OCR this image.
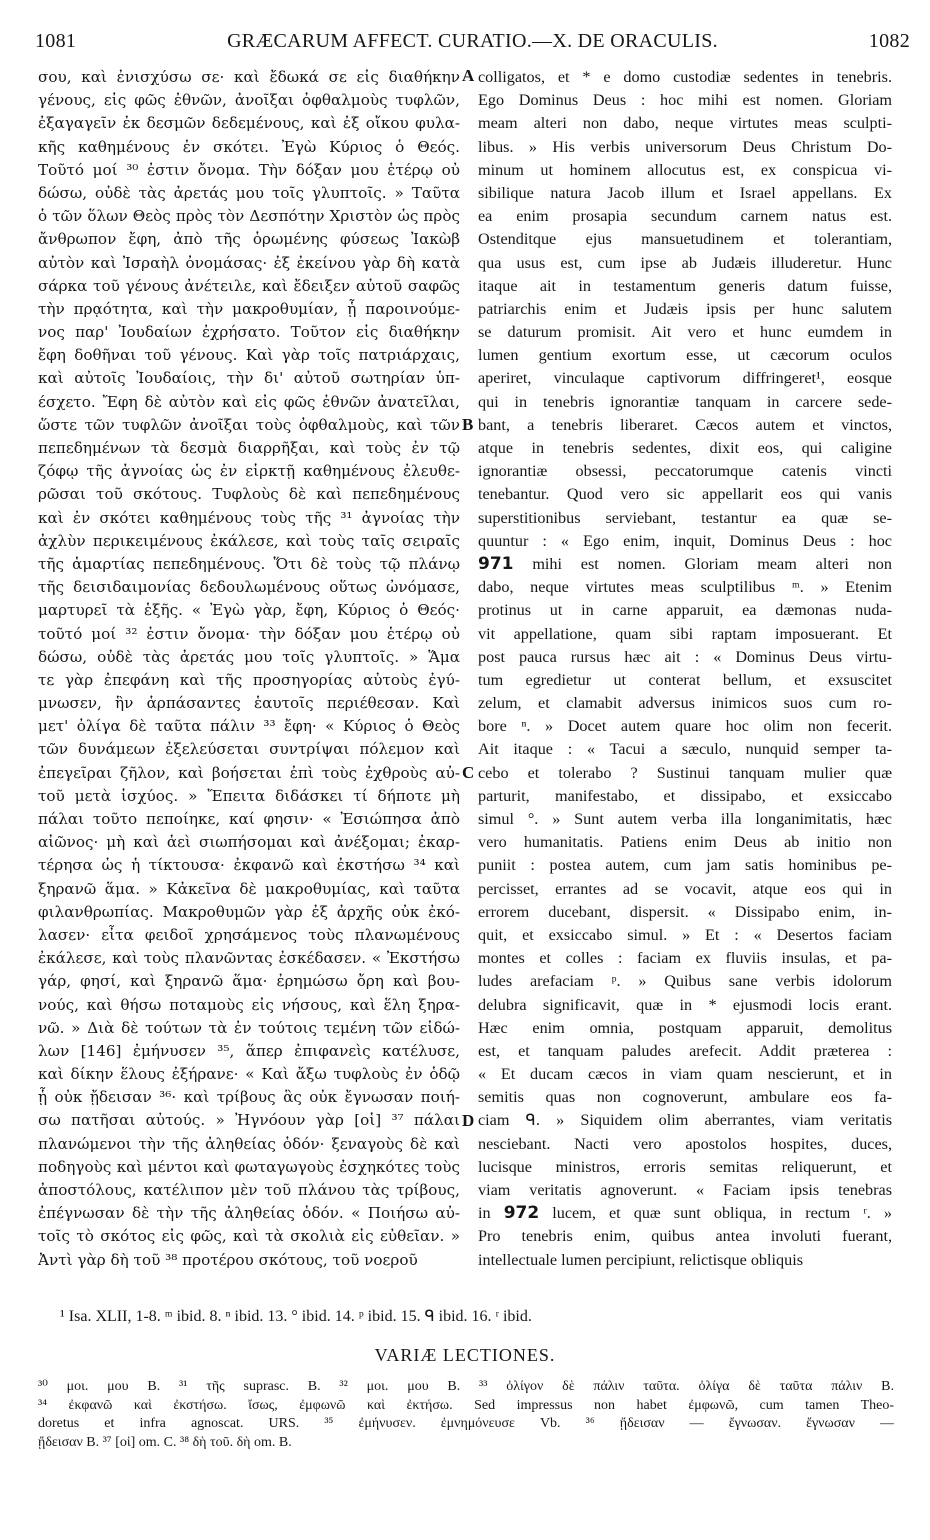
GRÆCARUM AFFECT. CURATIO.—X. DE ORACULIS.
1081	1082
σου, καὶ ἐνισχύσω σε· καὶ ἔδωκά σε εἰς διαθήκην
γένους, εἰς φῶς ἐθνῶν, ἀνοῖξαι ὀφθαλμοὺς τυφλῶν,
ἐξαγαγεῖν ἐκ δεσμῶν δεδεμένους, καὶ ἐξ οἴκου φυλα-
κῆς καθημένους ἐν σκότει. Ἐγὼ Κύριος ὁ Θεός.
Τοῦτό μοί ³⁰ ἐστιν ὄνομα. Τὴν δόξαν μου ἑτέρῳ οὐ
δώσω, οὐδὲ τὰς ἀρετάς μου τοῖς γλυπτοῖς. » Ταῦτα
ὁ τῶν ὅλων Θεὸς πρὸς τὸν Δεσπότην Χριστὸν ὡς πρὸς
ἄνθρωπον ἔφη, ἀπὸ τῆς ὁρωμένης φύσεως Ἰακὼβ
αὐτὸν καὶ Ἰσραὴλ ὀνομάσας· ἐξ ἐκείνου γὰρ δὴ κατὰ
σάρκα τοῦ γένους ἀνέτειλε, καὶ ἔδειξεν αὐτοῦ σαφῶς
τὴν πρᾳότητα, καὶ τὴν μακροθυμίαν, ᾗ παροινούμε-
νος παρ' Ἰουδαίων ἐχρήσατο. Τοῦτον εἰς διαθήκην
ἔφη δοθῆναι τοῦ γένους. Καὶ γὰρ τοῖς πατριάρχαις,
καὶ αὐτοῖς Ἰουδαίοις, τὴν δι' αὐτοῦ σωτηρίαν ὑπ-
έσχετο. Ἔφη δὲ αὐτὸν καὶ εἰς φῶς ἐθνῶν ἀνατεῖλαι,
ὥστε τῶν τυφλῶν ἀνοῖξαι τοὺς ὀφθαλμοὺς, καὶ τῶν
πεπεδημένων τὰ δεσμὰ διαρρῆξαι, καὶ τοὺς ἐν τῷ
ζόφῳ τῆς ἀγνοίας ὡς ἐν εἱρκτῇ καθημένους ἐλευθε-
ρῶσαι τοῦ σκότους. Τυφλοὺς δὲ καὶ πεπεδημένους
καὶ ἐν σκότει καθημένους τοὺς τῆς ³¹ ἀγνοίας τὴν
ἀχλὺν περικειμένους ἐκάλεσε, καὶ τοὺς ταῖς σειραῖς
τῆς ἁμαρτίας πεπεδημένους. Ὅτι δὲ τοὺς τῷ πλάνῳ
τῆς δεισιδαιμονίας δεδουλωμένους οὕτως ὠνόμασε,
μαρτυρεῖ τὰ ἑξῆς. « Ἐγὼ γὰρ, ἔφη, Κύριος ὁ Θεός·
τοῦτό μοί ³² ἐστιν ὄνομα· τὴν δόξαν μου ἑτέρῳ οὐ
δώσω, οὐδὲ τὰς ἀρετάς μου τοῖς γλυπτοῖς. » Ἅμα
τε γὰρ ἐπεφάνη καὶ τῆς προσηγορίας αὐτοὺς ἐγύ-
μνωσεν, ἣν ἁρπάσαντες ἑαυτοῖς περιέθεσαν. Καὶ
μετ' ὀλίγα δὲ ταῦτα πάλιν ³³ ἔφη· « Κύριος ὁ Θεὸς
τῶν δυνάμεων ἐξελεύσεται συντρίψαι πόλεμον καὶ
ἐπεγεῖραι ζῆλον, καὶ βοήσεται ἐπὶ τοὺς ἐχθροὺς αὐ-
τοῦ μετὰ ἰσχύος. » Ἔπειτα διδάσκει τί δήποτε μὴ
πάλαι τοῦτο πεποίηκε, καί φησιν· « Ἐσιώπησα ἀπὸ
αἰῶνος· μὴ καὶ ἀεὶ σιωπήσομαι καὶ ἀνέξομαι; ἐκαρ-
τέρησα ὡς ἡ τίκτουσα· ἐκφανῶ καὶ ἐκστήσω ³⁴ καὶ
ξηρανῶ ἅμα. » Κἀκεῖνα δὲ μακροθυμίας, καὶ ταῦτα
φιλανθρωπίας. Μακροθυμῶν γὰρ ἐξ ἀρχῆς οὐκ ἐκό-
λασεν· εἶτα φειδοῖ χρησάμενος τοὺς πλανωμένους
ἐκάλεσε, καὶ τοὺς πλανῶντας ἐσκέδασεν. « Ἐκστήσω
γάρ, φησί, καὶ ξηρανῶ ἅμα· ἐρημώσω ὄρη καὶ βου-
νούς, καὶ θήσω ποταμοὺς εἰς νήσους, καὶ ἕλη ξηρα-
νῶ. » Διὰ δὲ τούτων τὰ ἐν τούτοις τεμένη τῶν εἰδώ-
λων [146] ἐμήνυσεν ³⁵, ἅπερ ἐπιφανεὶς κατέλυσε,
καὶ δίκην ἕλους ἐξήρανε· « Καὶ ἄξω τυφλοὺς ἐν ὁδῷ
ᾗ οὐκ ᾔδεισαν ³⁶· καὶ τρίβους ἃς οὐκ ἔγνωσαν ποιή-
σω πατῆσαι αὐτούς. » Ἠγνόουν γὰρ [οἱ] ³⁷ πάλαι
πλανώμενοι τὴν τῆς ἀληθείας ὁδόν· ξεναγοὺς δὲ καὶ
ποδηγοὺς καὶ μέντοι καὶ φωταγωγοὺς ἐσχηκότες τοὺς
ἀποστόλους, κατέλιπον μὲν τοῦ πλάνου τὰς τρίβους,
ἐπέγνωσαν δὲ τὴν τῆς ἀληθείας ὁδόν. « Ποιήσω αὐ-
τοῖς τὸ σκότος εἰς φῶς, καὶ τὰ σκολιὰ εἰς εὐθεῖαν. »
Ἀντὶ γὰρ δὴ τοῦ ³⁸ προτέρου σκότους, τοῦ νοεροῦ
colligatos, et * e domo custodiæ sedentes in tenebris.
Ego Dominus Deus : hoc mihi est nomen. Gloriam
meam alteri non dabo, neque virtutes meas sculpti-
libus. » His verbis universorum Deus Christum Do-
minum ut hominem allocutus est, ex conspicua vi-
sibilique natura Jacob illum et Israel appellans. Ex
ea enim prosapia secundum carnem natus est.
Ostenditque ejus mansuetudinem et tolerantiam,
qua usus est, cum ipse ab Judæis illuderetur. Hunc
itaque ait in testamentum generis datum fuisse,
patriarchis enim et Judæis ipsis per hunc salutem
se daturum promisit. Ait vero et hunc eumdem in
lumen gentium exortum esse, ut cæcorum oculos
aperiret, vinculaque captivorum diffringeret¹, eosque
qui in tenebris ignorantiæ tanquam in carcere sede-
bant, a tenebris liberaret. Cæcos autem et vinctos,
atque in tenebris sedentes, dixit eos, qui caligine
ignorantiæ obsessi, peccatorumque catenis vincti
tenebantur. Quod vero sic appellarit eos qui vanis
superstitionibus serviebant, testantur ea quæ se-
quuntur : « Ego enim, inquit, Dominus Deus : hoc
971 mihi est nomen. Gloriam meam alteri non
dabo, neque virtutes meas sculptilibus ᵐ. » Etenim
protinus ut in carne apparuit, ea dæmonas nuda-
vit appellatione, quam sibi raptam imposuerant. Et
post pauca rursus hæc ait : « Dominus Deus virtu-
tum egredietur ut conterat bellum, et exsuscitet
zelum, et clamabit adversus inimicos suos cum ro-
bore ⁿ. » Docet autem quare hoc olim non fecerit.
Ait itaque : « Tacui a sæculo, nunquid semper ta-
cebo et tolerabo ? Sustinui tanquam mulier quæ
parturit, manifestabo, et dissipabo, et exsiccabo
simul °. » Sunt autem verba illa longanimitatis, hæc
vero humanitatis. Patiens enim Deus ab initio non
puniit : postea autem, cum jam satis hominibus pe-
percisset, errantes ad se vocavit, atque eos qui in
errorem ducebant, dispersit. « Dissipabo enim, in-
quit, et exsiccabo simul. » Et : « Desertos faciam
montes et colles : faciam ex fluviis insulas, et pa-
ludes arefaciam ᵖ. » Quibus sane verbis idolorum
delubra significavit, quæ in * ejusmodi locis erant.
Hæc enim omnia, postquam apparuit, demolitus
est, et tanquam paludes arefecit. Addit præterea :
« Et ducam cæcos in viam quam nescierunt, et in
semitis quas non cognoverunt, ambulare eos fa-
ciam ᑫ. » Siquidem olim aberrantes, viam veritatis
nesciebant. Nacti vero apostolos hospites, duces,
lucisque ministros, erroris semitas reliquerunt, et
viam veritatis agnoverunt. « Faciam ipsis tenebras
in 972 lucem, et quæ sunt obliqua, in rectum ʳ. »
Pro tenebris enim, quibus antea involuti fuerant,
intellectuale lumen percipiunt, relictisque obliquis
A
B
C
D
¹ Isa. XLII, 1-8. ᵐ ibid. 8. ⁿ ibid. 13. ° ibid. 14. ᵖ ibid. 15. ᑫ ibid. 16. ʳ ibid.
VARIÆ LECTIONES.
³⁰ μοι. μου B. ³¹ τῆς suprasc. B. ³² μοι. μου B. ³³ ὀλίγον δὲ πάλιν ταῦτα. ὀλίγα δὲ ταῦτα πάλιν B.
³⁴ ἐκφανῶ καὶ ἐκστήσω. ἴσως, ἐμφωνῶ καὶ ἐκτήσω. Sed impressus non habet ἐμφωνῶ, cum tamen Theo-
doretus et infra agnoscat. URS. ³⁵ ἐμήνυσεν. ἐμνημόνευσε Vb. ³⁶ ᾔδεισαν — ἔγνωσαν. ἔγνωσαν —
ᾔδεισαν B. ³⁷ [οἱ] om. C. ³⁸ δὴ τοῦ. δὴ om. B.
